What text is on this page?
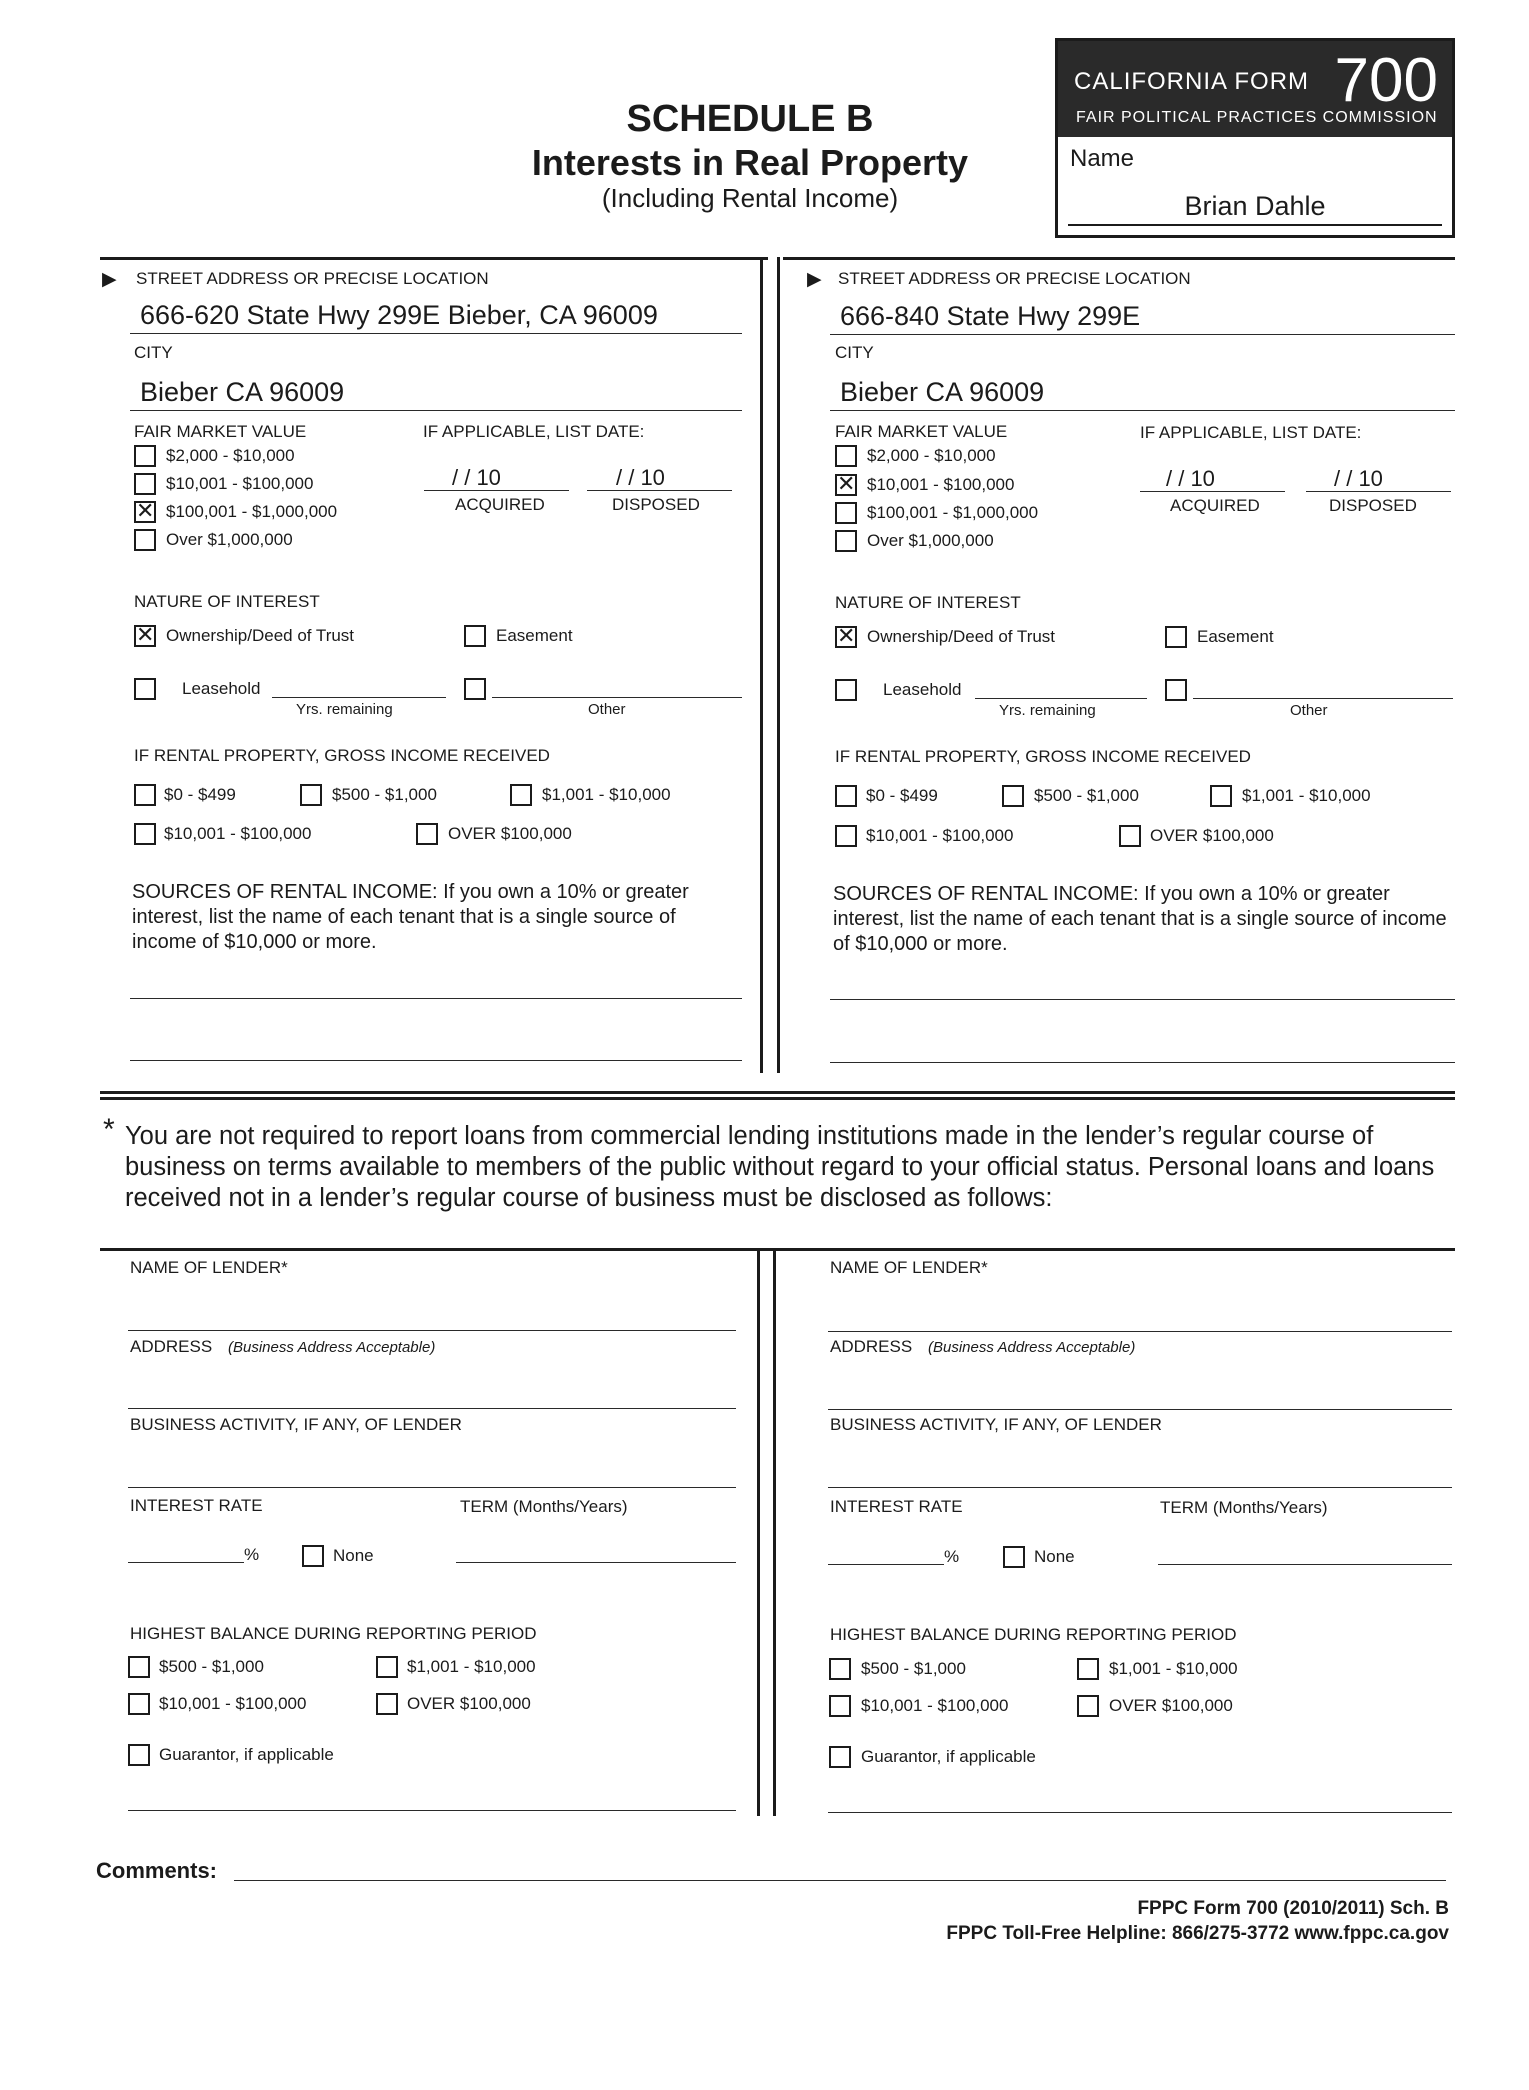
SCHEDULE B
Interests in Real Property
(Including Rental Income)
CALIFORNIA FORM 700
FAIR POLITICAL PRACTICES COMMISSION
Name
Brian Dahle
▶ STREET ADDRESS OR PRECISE LOCATION
666-620 State Hwy 299E Bieber, CA 96009
CITY
Bieber CA 96009
FAIR MARKET VALUE
$2,000 - $10,000
$10,001 - $100,000
✕ $100,001 - $1,000,000
Over $1,000,000
IF APPLICABLE, LIST DATE:
/ / 10
ACQUIRED
/ / 10
DISPOSED
NATURE OF INTEREST
✕ Ownership/Deed of Trust	Easement
Leasehold
Yrs. remaining	Other
IF RENTAL PROPERTY, GROSS INCOME RECEIVED
$0 - $499	$500 - $1,000	$1,001 - $10,000
$10,001 - $100,000	OVER $100,000
SOURCES OF RENTAL INCOME: If you own a 10% or greater interest, list the name of each tenant that is a single source of income of $10,000 or more.
▶ STREET ADDRESS OR PRECISE LOCATION
666-840 State Hwy 299E
CITY
Bieber CA 96009
FAIR MARKET VALUE
$2,000 - $10,000
✕ $10,001 - $100,000
$100,001 - $1,000,000
Over $1,000,000
IF APPLICABLE, LIST DATE:
/ / 10
ACQUIRED
/ / 10
DISPOSED
NATURE OF INTEREST
✕ Ownership/Deed of Trust	Easement
Leasehold
Yrs. remaining	Other
IF RENTAL PROPERTY, GROSS INCOME RECEIVED
$0 - $499	$500 - $1,000	$1,001 - $10,000
$10,001 - $100,000	OVER $100,000
SOURCES OF RENTAL INCOME: If you own a 10% or greater interest, list the name of each tenant that is a single source of income of $10,000 or more.
* You are not required to report loans from commercial lending institutions made in the lender’s regular course of business on terms available to members of the public without regard to your official status. Personal loans and loans received not in a lender’s regular course of business must be disclosed as follows:
NAME OF LENDER*
ADDRESS (Business Address Acceptable)
BUSINESS ACTIVITY, IF ANY, OF LENDER
INTEREST RATE	TERM (Months/Years)
%	None
HIGHEST BALANCE DURING REPORTING PERIOD
$500 - $1,000	$1,001 - $10,000
$10,001 - $100,000	OVER $100,000
Guarantor, if applicable
NAME OF LENDER*
ADDRESS (Business Address Acceptable)
BUSINESS ACTIVITY, IF ANY, OF LENDER
INTEREST RATE	TERM (Months/Years)
%	None
HIGHEST BALANCE DURING REPORTING PERIOD
$500 - $1,000	$1,001 - $10,000
$10,001 - $100,000	OVER $100,000
Guarantor, if applicable
Comments:
FPPC Form 700 (2010/2011) Sch. B
FPPC Toll-Free Helpline: 866/275-3772 www.fppc.ca.gov
